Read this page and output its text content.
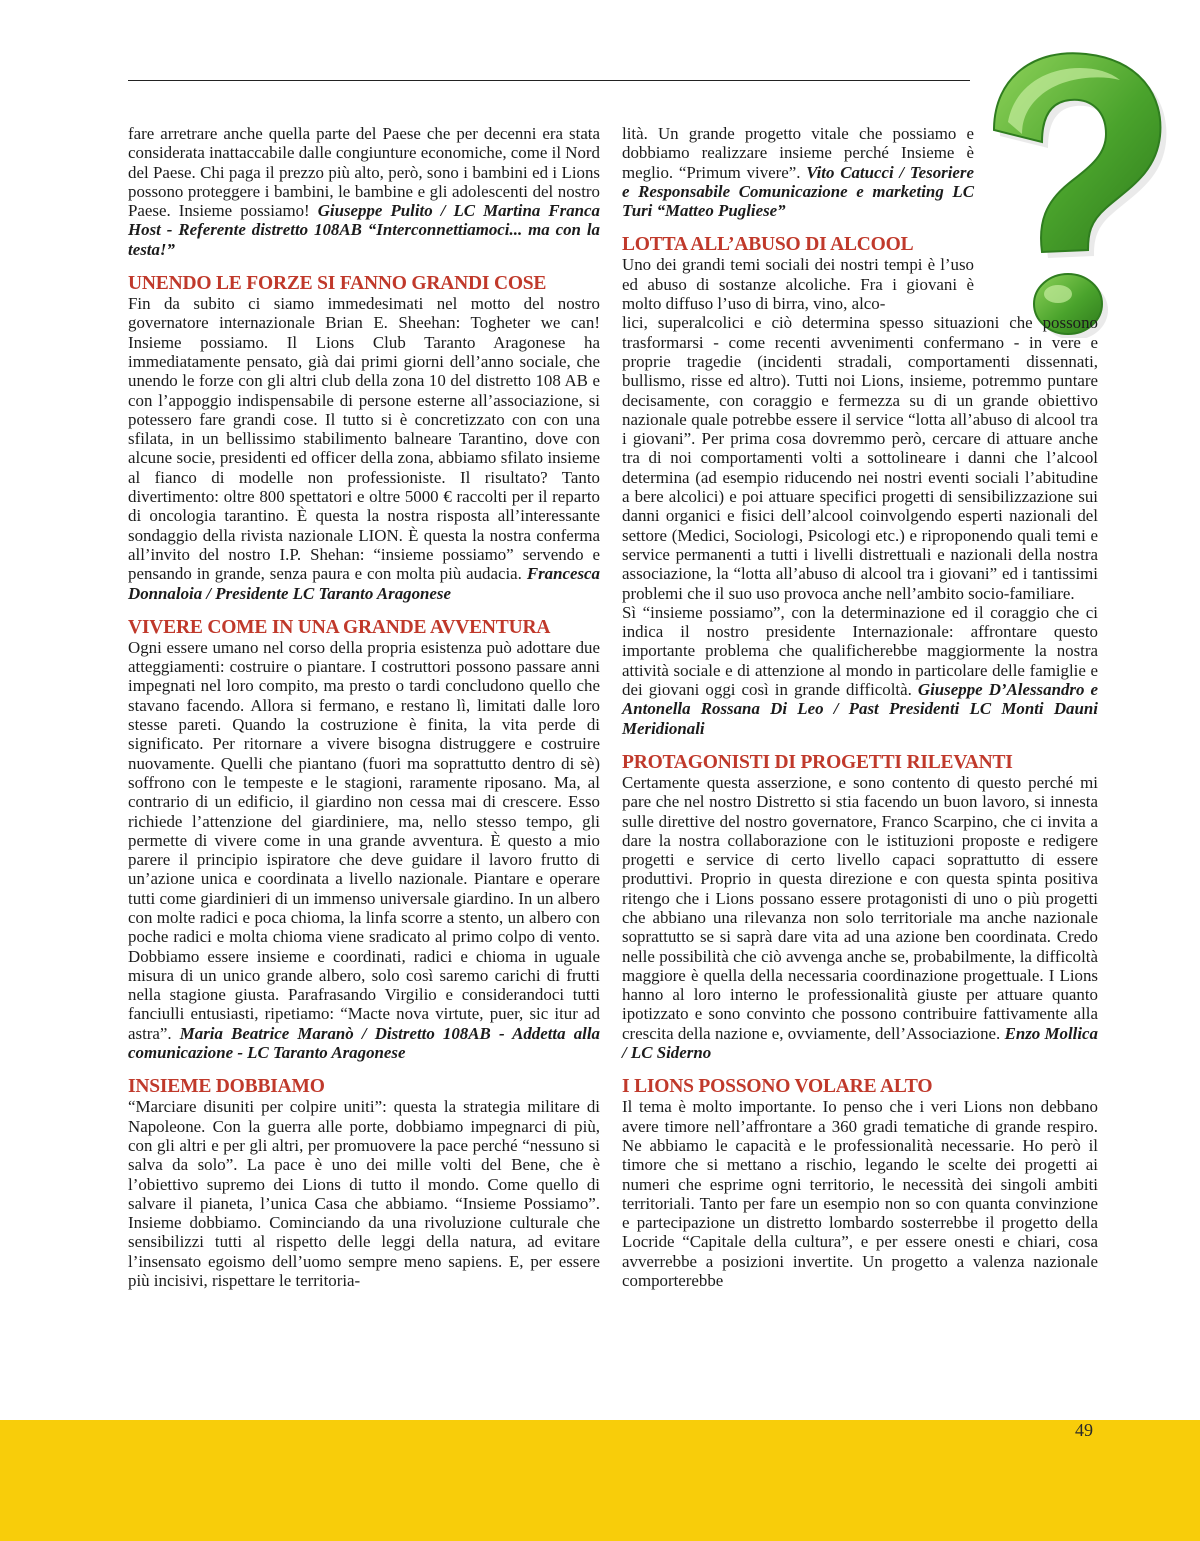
fare arretrare anche quella parte del Paese che per decenni era stata considerata inattaccabile dalle congiunture economiche, come il Nord del Paese. Chi paga il prezzo più alto, però, sono i bambini ed i Lions possono proteggere i bambini, le bambine e gli adolescenti del nostro Paese. Insieme possiamo! Giuseppe Pulito / LC Martina Franca Host - Referente distretto 108AB “Interconnettiamoci... ma con la testa!”

UNENDO LE FORZE SI FANNO GRANDI COSE

Fin da subito ci siamo immedesimati nel motto del nostro governatore internazionale Brian E. Sheehan: Togheter we can! Insieme possiamo. Il Lions Club Taranto Aragonese ha immediatamente pensato, già dai primi giorni dell’anno sociale, che unendo le forze con gli altri club della zona 10 del distretto 108 AB e con l’appoggio indispensabile di persone esterne all’associazione, si potessero fare grandi cose. Il tutto si è concretizzato con con una sfilata, in un bellissimo stabilimento balneare Tarantino, dove con alcune socie, presidenti ed officer della zona, abbiamo sfilato insieme al fianco di modelle non professioniste. Il risultato? Tanto divertimento: oltre 800 spettatori e oltre 5000 € raccolti per il reparto di oncologia tarantino. È questa la nostra risposta all’interessante sondaggio della rivista nazionale LION. È questa la nostra conferma all’invito del nostro I.P. Shehan: “insieme possiamo” servendo e pensando in grande, senza paura e con molta più audacia. Francesca Donnaloia / Presidente LC Taranto Aragonese

VIVERE COME IN UNA GRANDE AVVENTURA

Ogni essere umano nel corso della propria esistenza può adottare due atteggiamenti: costruire o piantare. I costruttori possono passare anni impegnati nel loro compito, ma presto o tardi concludono quello che stavano facendo. Allora si fermano, e restano lì, limitati dalle loro stesse pareti. Quando la costruzione è finita, la vita perde di significato. Per ritornare a vivere bisogna distruggere e costruire nuovamente. Quelli che piantano (fuori ma soprattutto dentro di sè) soffrono con le tempeste e le stagioni, raramente riposano. Ma, al contrario di un edificio, il giardino non cessa mai di crescere. Esso richiede l’attenzione del giardiniere, ma, nello stesso tempo, gli permette di vivere come in una grande avventura. È questo a mio parere il principio ispiratore che deve guidare il lavoro frutto di un’azione unica e coordinata a livello nazionale. Piantare e operare tutti come giardinieri di un immenso universale giardino. In un albero con molte radici e poca chioma, la linfa scorre a stento, un albero con poche radici e molta chioma viene sradicato al primo colpo di vento. Dobbiamo essere insieme e coordinati, radici e chioma in uguale misura di un unico grande albero, solo così saremo carichi di frutti nella stagione giusta. Parafrasando Virgilio e considerandoci tutti fanciulli entusiasti, ripetiamo: “Macte nova virtute, puer, sic itur ad astra”. Maria Beatrice Maranò / Distretto 108AB - Addetta alla comunicazione - LC Taranto Aragonese

INSIEME DOBBIAMO

“Marciare disuniti per colpire uniti”: questa la strategia militare di Napoleone. Con la guerra alle porte, dobbiamo impegnarci di più, con gli altri e per gli altri, per promuovere la pace perché “nessuno si salva da solo”. La pace è uno dei mille volti del Bene, che è l’obiettivo supremo dei Lions di tutto il mondo. Come quello di salvare il pianeta, l’unica Casa che abbiamo. “Insieme Possiamo”. Insieme dobbiamo. Cominciando da una rivoluzione culturale che sensibilizzi tutti al rispetto delle leggi della natura, ad evitare l’insensato egoismo dell’uomo sempre meno sapiens. E, per essere più incisivi, rispettare le territoria-

lità. Un grande progetto vitale che possiamo e dobbiamo realizzare insieme perché Insieme è meglio. “Primum vivere”. Vito Catucci / Tesoriere e Responsabile Comunicazione e marketing LC Turi “Matteo Pugliese”

LOTTA ALL’ABUSO DI ALCOOL
Uno dei grandi temi sociali dei nostri tempi è l’uso ed abuso di sostanze alcoliche. Fra i giovani è molto diffuso l’uso di birra, vino, alco-

lici, superalcolici e ciò determina spesso situazioni che possono trasformarsi - come recenti avvenimenti confermano - in vere e proprie tragedie (incidenti stradali, comportamenti dissennati, bullismo, risse ed altro). Tutti noi Lions, insieme, potremmo puntare decisamente, con coraggio e fermezza su di un grande obiettivo nazionale quale potrebbe essere il service “lotta all’abuso di alcool tra i giovani”. Per prima cosa dovremmo però, cercare di attuare anche tra di noi comportamenti volti a sottolineare i danni che l’alcool determina (ad esempio riducendo nei nostri eventi sociali l’abitudine a bere alcolici) e poi attuare specifici progetti di sensibilizzazione sui danni organici e fisici dell’alcool coinvolgendo esperti nazionali del settore (Medici, Sociologi, Psicologi etc.) e riproponendo quali temi e service permanenti a tutti i livelli distrettuali e nazionali della nostra associazione, la “lotta all’abuso di alcool tra i giovani” ed i tantissimi problemi che il suo uso provoca anche nell’ambito socio-familiare.

Sì “insieme possiamo”, con la determinazione ed il coraggio che ci indica il nostro presidente Internazionale: affrontare questo importante problema che qualificherebbe maggiormente la nostra attività sociale e di attenzione al mondo in particolare delle famiglie e dei giovani oggi così in grande difficoltà. Giuseppe D’Alessandro e Antonella Rossana Di Leo / Past Presidenti LC Monti Dauni Meridionali

PROTAGONISTI DI PROGETTI RILEVANTI

Certamente questa asserzione, e sono contento di questo perché mi pare che nel nostro Distretto si stia facendo un buon lavoro, si innesta sulle direttive del nostro governatore, Franco Scarpino, che ci invita a dare la nostra collaborazione con le istituzioni proposte e redigere progetti e service di certo livello capaci soprattutto di essere produttivi. Proprio in questa direzione e con questa spinta positiva ritengo che i Lions possano essere protagonisti di uno o più progetti che abbiano una rilevanza non solo territoriale ma anche nazionale soprattutto se si saprà dare vita ad una azione ben coordinata. Credo nelle possibilità che ciò avvenga anche se, probabilmente, la difficoltà maggiore è quella della necessaria coordinazione progettuale. I Lions hanno al loro interno le professionalità giuste per attuare quanto ipotizzato e sono convinto che possono contribuire fattivamente alla crescita della nazione e, ovviamente, dell’Associazione. Enzo Mollica / LC Siderno

I LIONS POSSONO VOLARE ALTO

Il tema è molto importante. Io penso che i veri Lions non debbano avere timore nell’affrontare a 360 gradi tematiche di grande respiro. Ne abbiamo le capacità e le professionalità necessarie. Ho però il timore che si mettano a rischio, legando le scelte dei progetti ai numeri che esprime ogni territorio, le necessità dei singoli ambiti territoriali. Tanto per fare un esempio non so con quanta convinzione e partecipazione un distretto lombardo sosterrebbe il progetto della Locride “Capitale della cultura”, e per essere onesti e chiari, cosa avverrebbe a posizioni invertite. Un progetto a valenza nazionale comporterebbe

49
